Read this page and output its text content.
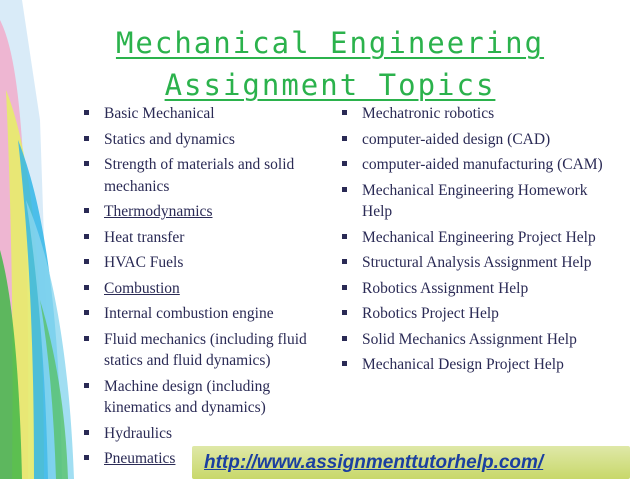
Mechanical Engineering
Assignment Topics
Basic Mechanical
Statics and dynamics
Strength of materials and solid mechanics
Thermodynamics
Heat transfer
HVAC Fuels
Combustion
Internal combustion engine
Fluid mechanics (including fluid statics and fluid dynamics)
Machine design (including kinematics and dynamics)
Hydraulics
Pneumatics
Mechatronic robotics
computer-aided design (CAD)
computer-aided manufacturing (CAM)
Mechanical Engineering Homework Help
Mechanical Engineering Project Help
Structural Analysis Assignment Help
Robotics Assignment Help
Robotics Project Help
Solid Mechanics Assignment Help
Mechanical Design Project Help
http://www.assignmenttutorhelp.com/
